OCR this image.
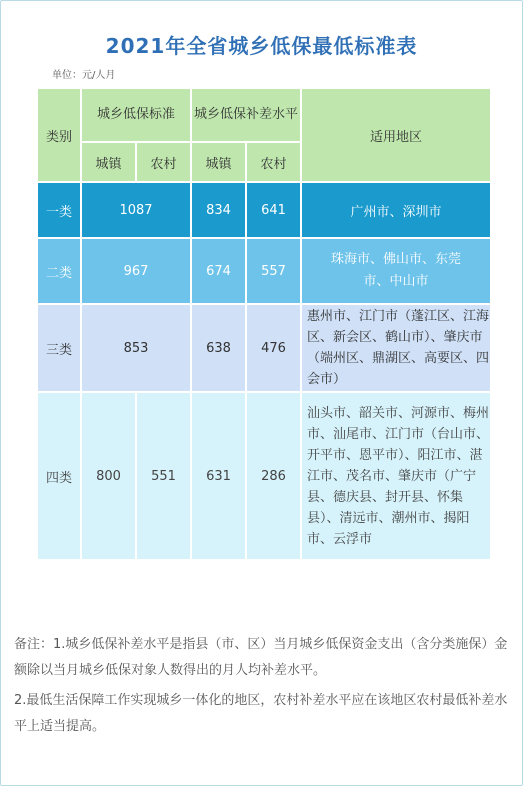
2021年全省城乡低保最低标准表
单位：元/人月
类别	城乡低保标准		城乡低保补差水平		适用地区
	城镇	农村	城镇	农村	
一类	1087		834	641	广州市、深圳市
二类	967		674	557	珠海市、佛山市、东莞市、中山市
三类	853		638	476	惠州市、江门市（蓬江区、江海区、新会区、鹤山市）、肇庆市（端州区、鼎湖区、高要区、四会市）
四类	800	551	631	286	汕头市、韶关市、河源市、梅州市、汕尾市、江门市（台山市、开平市、恩平市）、阳江市、湛江市、茂名市、肇庆市（广宁县、德庆县、封开县、怀集县）、清远市、潮州市、揭阳市、云浮市

备注：1.城乡低保补差水平是指县（市、区）当月城乡低保资金支出（含分类施保）金额除以当月城乡低保对象人数得出的月人均补差水平。

2.最低生活保障工作实现城乡一体化的地区，农村补差水平应在该地区农村最低补差水平上适当提高。
